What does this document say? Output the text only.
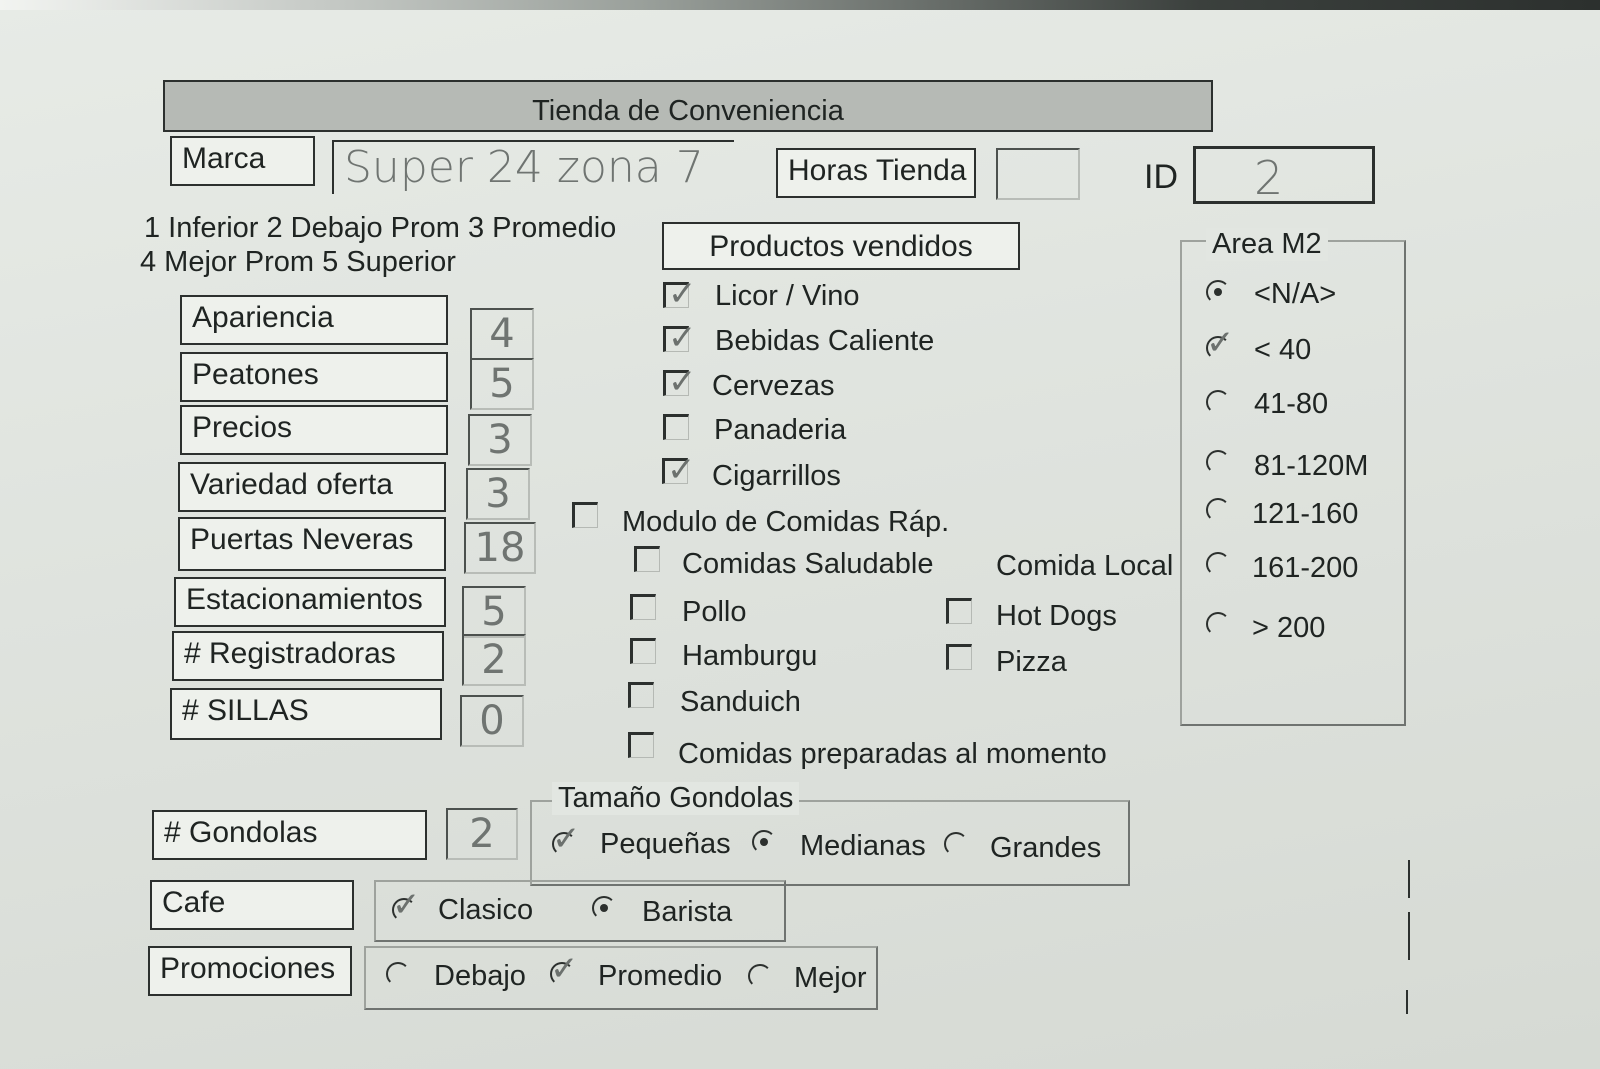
Tienda de Conveniencia
Marca	Super 24 zona 7	Horas Tienda	ID 2
1 Inferior 2 Debajo Prom 3 Promedio
4 Mejor Prom 5 Superior
Apariencia	4
Peatones	5
Precios	3
Variedad oferta	3
Puertas Neveras	18
Estacionamientos	5
# Registradoras	2
# SILLAS	0
Productos vendidos
✓ Licor / Vino
✓ Bebidas Caliente
✓ Cervezas
Panaderia
✓ Cigarrillos
Modulo de Comidas Ráp.
Comidas Saludable Comida Local
Pollo	Hot Dogs
Hamburgu	Pizza
Sanduich
Comidas preparadas al momento
Area M2
<N/A>
✓ < 40
41-80
81-120M
121-160
161-200
> 200
# Gondolas	2
Tamaño Gondolas
✓ Pequeñas Medianas Grandes
Cafe	✓ Clasico	Barista
Promociones	Debajo ✓ Promedio Mejor
